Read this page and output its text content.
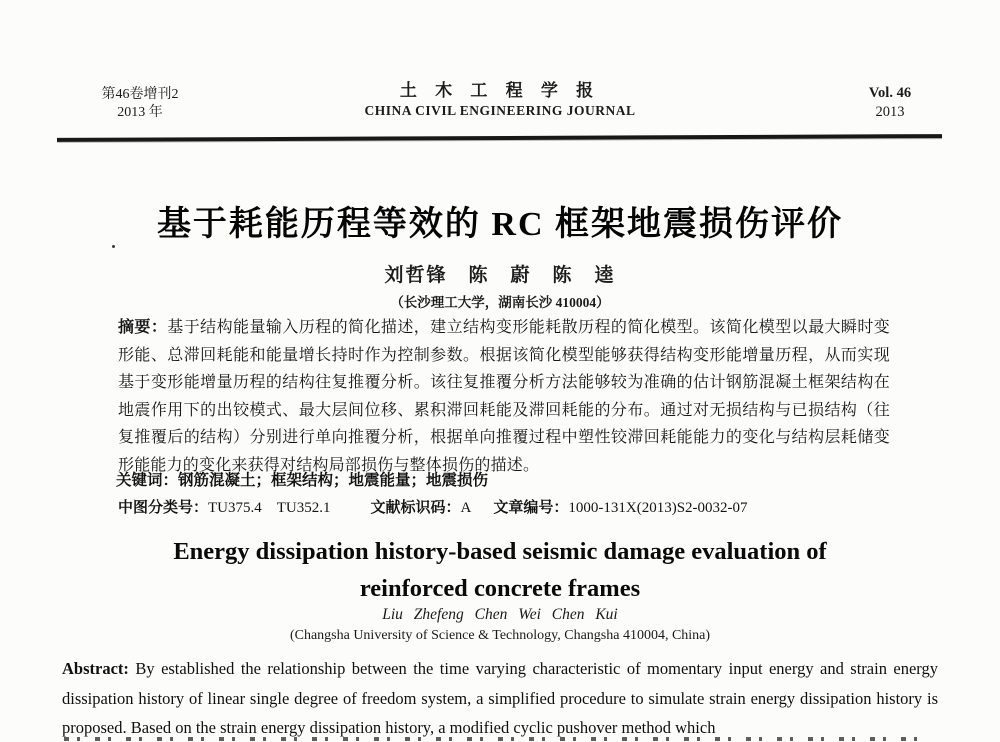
第46卷增刊2
2013 年
土 木 工 程 学 报
CHINA CIVIL ENGINEERING JOURNAL
Vol. 46
2013
基于耗能历程等效的 RC 框架地震损伤评价
刘哲锋　陈　蔚　陈　逵
（长沙理工大学，湖南长沙 410004）
摘要：基于结构能量输入历程的简化描述，建立结构变形能耗散历程的简化模型。该简化模型以最大瞬时变形能、总滞回耗能和能量增长持时作为控制参数。根据该简化模型能够获得结构变形能增量历程，从而实现基于变形能增量历程的结构往复推覆分析。该往复推覆分析方法能够较为准确的估计钢筋混凝土框架结构在地震作用下的出铰模式、最大层间位移、累积滞回耗能及滞回耗能的分布。通过对无损结构与已损结构（往复推覆后的结构）分别进行单向推覆分析，根据单向推覆过程中塑性铰滞回耗能能力的变化与结构层耗储变形能能力的变化来获得对结构局部损伤与整体损伤的描述。
关键词：钢筋混凝土；框架结构；地震能量；地震损伤
中图分类号：TU375.4　TU352.1	文献标识码：A 文章编号：1000-131X(2013)S2-0032-07
Energy dissipation history-based seismic damage evaluation of
reinforced concrete frames
Liu Zhefeng Chen Wei Chen Kui
(Changsha University of Science & Technology, Changsha 410004, China)
Abstract: By established the relationship between the time varying characteristic of momentary input energy and strain energy dissipation history of linear single degree of freedom system, a simplified procedure to simulate strain energy dissipation history is proposed. Based on the strain energy dissipation history, a modified cyclic pushover method which
